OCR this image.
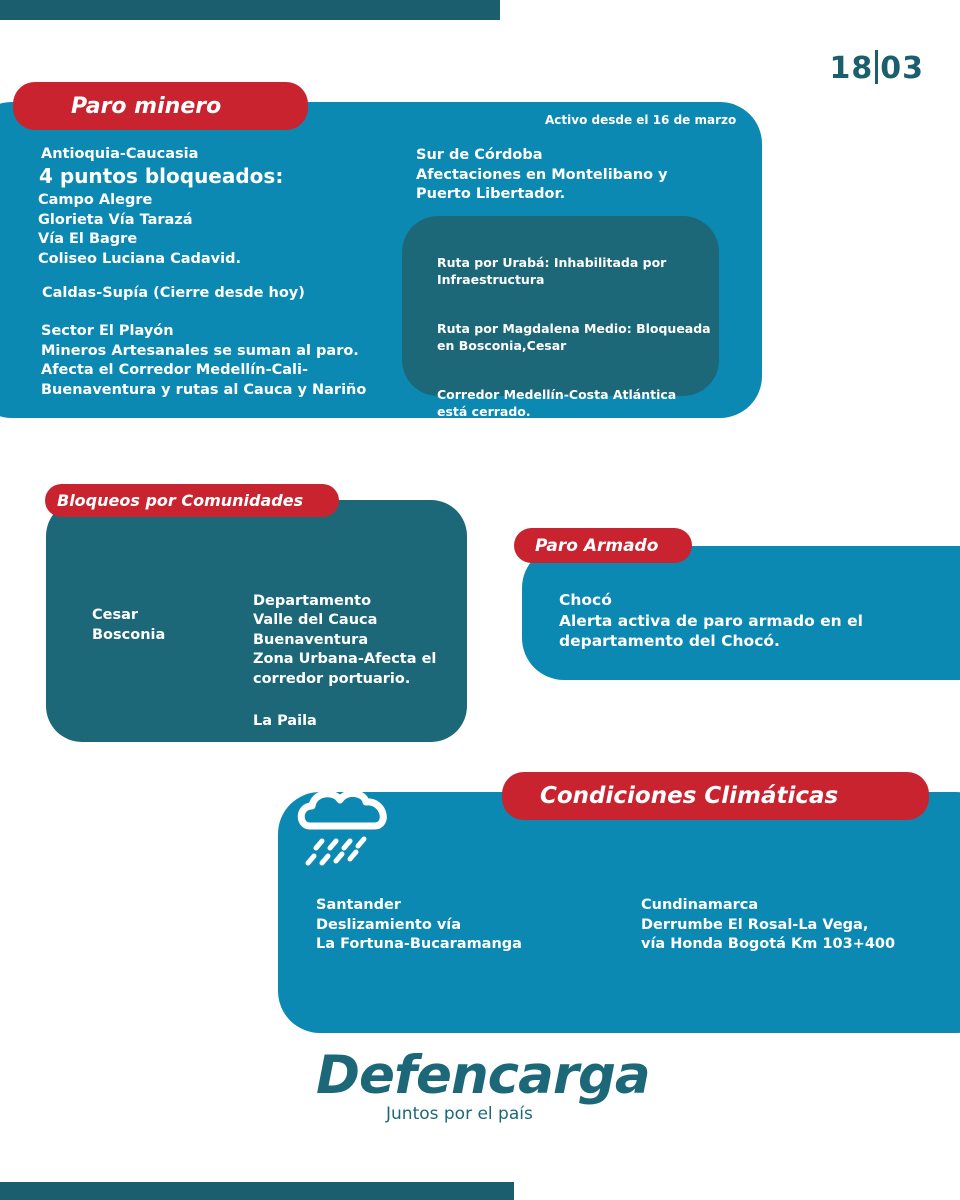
18 03
Paro minero
Activo desde el 16 de marzo
Antioquia-Caucasia
4 puntos bloqueados:
Campo Alegre
Glorieta Vía Tarazá
Vía El Bagre
Coliseo Luciana Cadavid.
Caldas-Supía (Cierre desde hoy)
Sector El Playón
Mineros Artesanales se suman al paro.
Afecta el Corredor Medellín-Cali-
Buenaventura y rutas al Cauca y Nariño
Sur de Córdoba
Afectaciones en Montelibano y
Puerto Libertador.

Ruta por Urabá: Inhabilitada por
Infraestructura

Ruta por Magdalena Medio: Bloqueada
en Bosconia,Cesar

Corredor Medellín-Costa Atlántica
está cerrado.

Bloqueos por Comunidades
Cesar
Bosconia

Departamento
Valle del Cauca
Buenaventura
Zona Urbana-Afecta el
corredor portuario.

La Paila

Paro Armado
Chocó
Alerta activa de paro armado en el
departamento del Chocó.
Condiciones Climáticas
Santander
Deslizamiento vía
La Fortuna-Bucaramanga
Cundinamarca
Derrumbe El Rosal-La Vega,
vía Honda Bogotá Km 103+400
Defencarga
Juntos por el país
